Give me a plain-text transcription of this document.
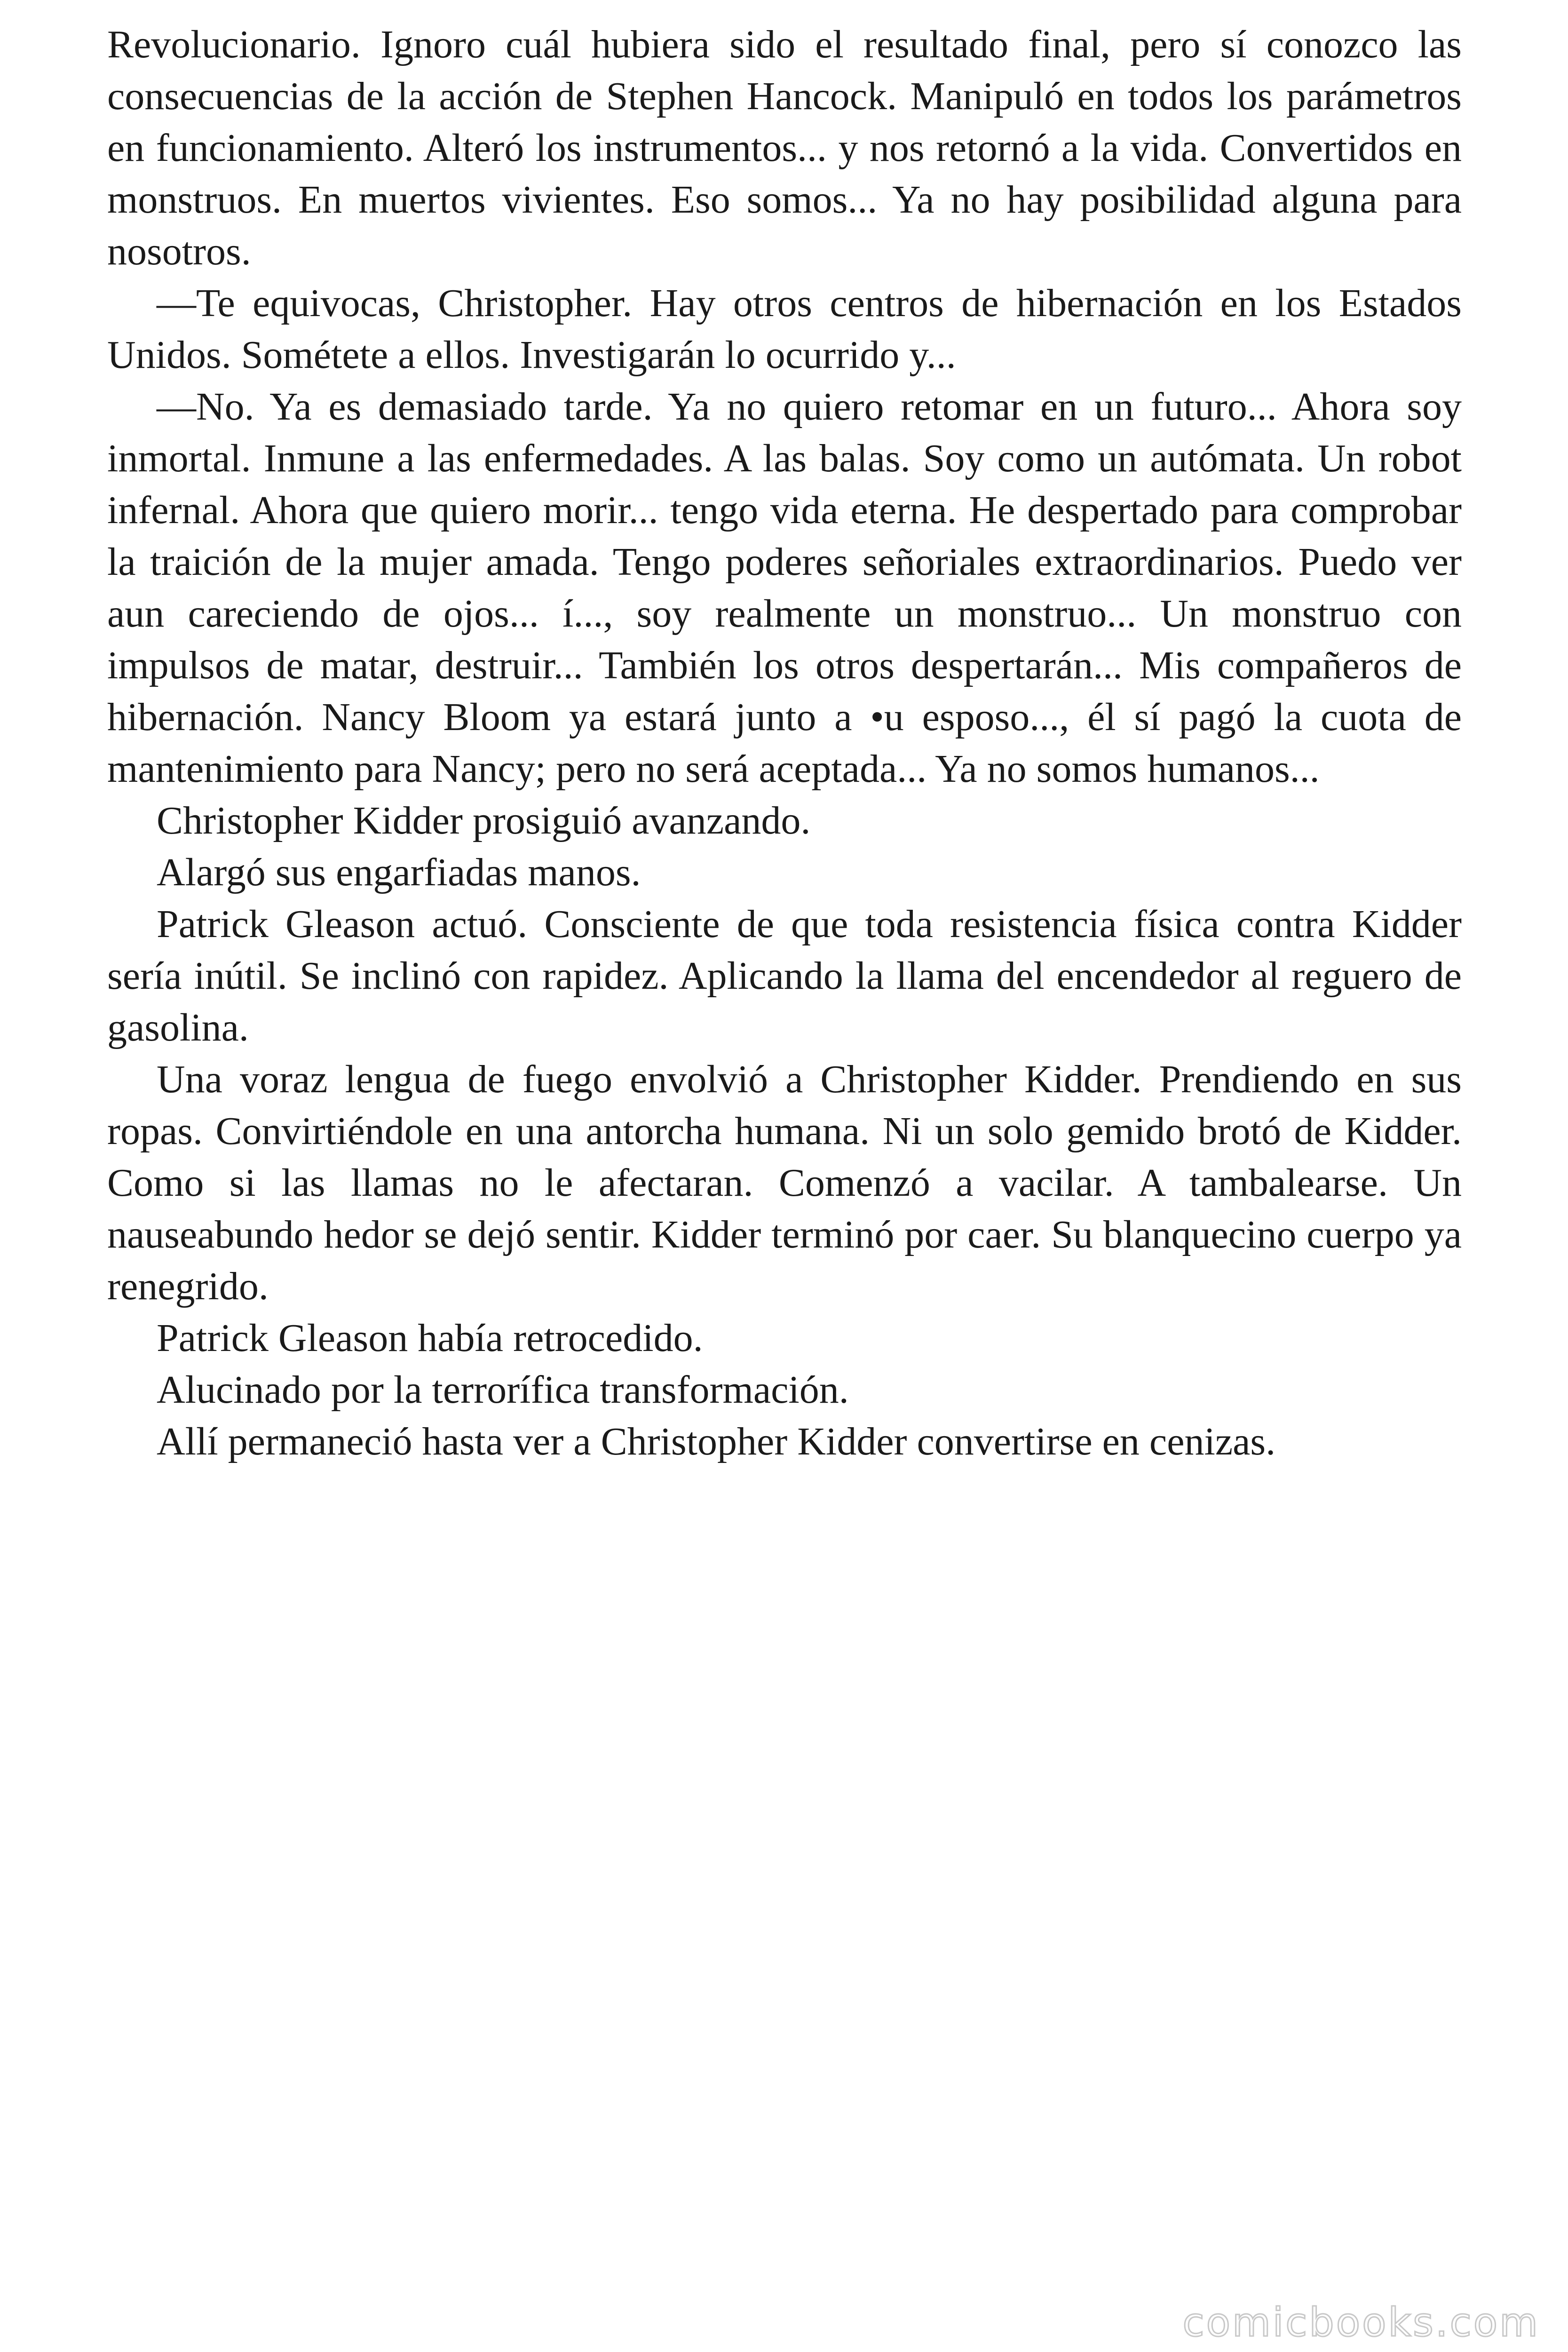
Revolucionario. Ignoro cuál hubiera sido el resultado final, pero sí conozco las consecuencias de la acción de Stephen Hancock. Manipuló en todos los parámetros en funcionamiento. Alteró los instrumentos... y nos retornó a la vida. Convertidos en monstruos. En muertos vivientes. Eso somos... Ya no hay posibilidad alguna para nosotros.

—Te equivocas, Christopher. Hay otros centros de hibernación en los Estados Unidos. Sométete a ellos. Investigarán lo ocurrido y...

—No. Ya es demasiado tarde. Ya no quiero retomar en un futuro... Ahora soy inmortal. Inmune a las enfermedades. A las balas. Soy como un autómata. Un robot infernal. Ahora que quiero morir... tengo vida eterna. He despertado para comprobar la traición de la mujer amada. Tengo poderes señoriales extraordinarios. Puedo ver aun careciendo de ojos... í..., soy realmente un monstruo... Un monstruo con impulsos de matar, destruir... También los otros despertarán... Mis compañeros de hibernación. Nancy Bloom ya estará junto a •u esposo..., él sí pagó la cuota de mantenimiento para Nancy; pero no será aceptada... Ya no somos humanos...

Christopher Kidder prosiguió avanzando.

Alargó sus engarfiadas manos.

Patrick Gleason actuó. Consciente de que toda resistencia física contra Kidder sería inútil. Se inclinó con rapidez. Aplicando la llama del encendedor al reguero de gasolina.

Una voraz lengua de fuego envolvió a Christopher Kidder. Prendiendo en sus ropas. Convirtiéndole en una antorcha humana. Ni un solo gemido brotó de Kidder. Como si las llamas no le afectaran. Comenzó a vacilar. A tambalearse. Un nauseabundo hedor se dejó sentir. Kidder terminó por caer. Su blanquecino cuerpo ya renegrido.

Patrick Gleason había retrocedido.

Alucinado por la terrorífica transformación.

Allí permaneció hasta ver a Christopher Kidder convertirse en cenizas.

comicbooks.com
